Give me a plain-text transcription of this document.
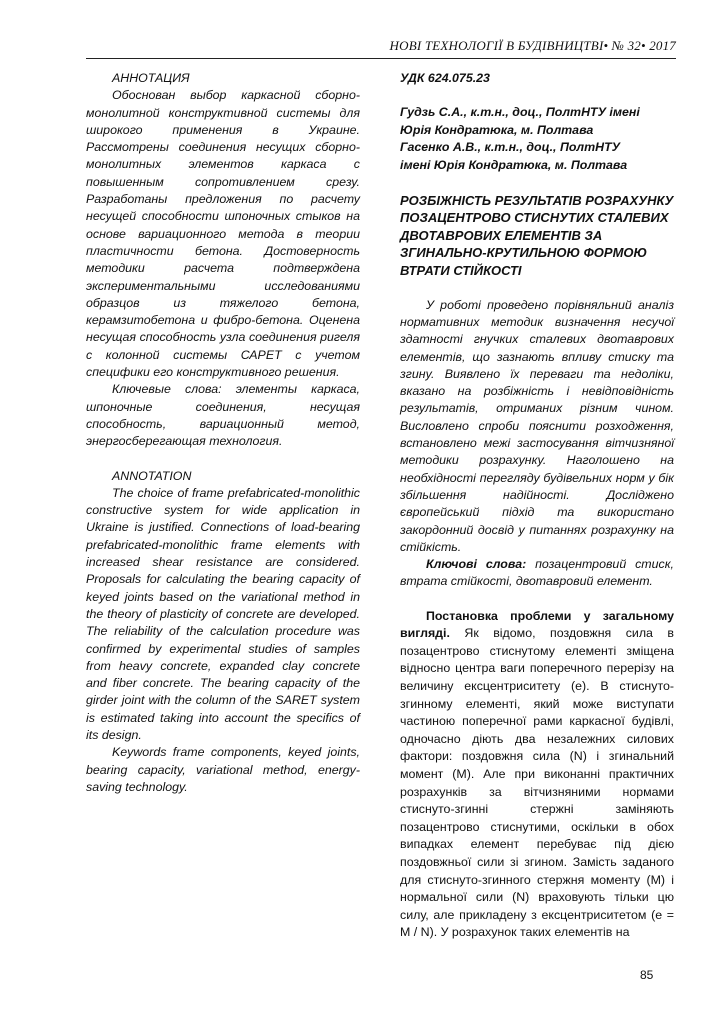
НОВІ ТЕХНОЛОГІЇ В БУДІВНИЦТВІ• № 32• 2017

АННОТАЦИЯ

Обоснован выбор каркасной сборно-монолитной конструктивной системы для широкого применения в Украине. Рассмотрены соединения несущих сборно-монолитных элементов каркаса с повышенным сопротивлением срезу. Разработаны предложения по расчету несущей способности шпоночных стыков на основе вариационного метода в теории пластичности бетона. Достоверность методики расчета подтверждена экспериментальными исследованиями образцов из тяжелого бетона, керамзитобетона и фибро-бетона. Оценена несущая способность узла соединения ригеля с колонной системы САРЕТ с учетом специфики его конструктивного решения.

Ключевые слова: элементы каркаса, шпоночные соединения, несущая способность, вариационный метод, энергосберегающая технология.

ANNOTATION

The choice of frame prefabricated-monolithic constructive system for wide application in Ukraine is justified. Connections of load-bearing prefabricated-monolithic frame elements with increased shear resistance are considered. Proposals for calculating the bearing capacity of keyed joints based on the variational method in the theory of plasticity of concrete are developed. The reliability of the calculation procedure was confirmed by experimental studies of samples from heavy concrete, expanded clay concrete and fiber concrete. The bearing capacity of the girder joint with the column of the SARET system is estimated taking into account the specifics of its design.

Keywords frame components, keyed joints, bearing capacity, variational method, energy-saving technology.

УДК 624.075.23

Гудзь С.А., к.т.н., доц., ПолтНТУ імені
Юрія Кондратюка, м. Полтава
Гасенко А.В., к.т.н., доц., ПолтНТУ
імені Юрія Кондратюка, м. Полтава

РОЗБІЖНІСТЬ РЕЗУЛЬТАТІВ РОЗРАХУНКУ ПОЗАЦЕНТРОВО СТИСНУТИХ СТАЛЕВИХ ДВОТАВРОВИХ ЕЛЕМЕНТІВ ЗА ЗГИНАЛЬНО-КРУТИЛЬНОЮ ФОРМОЮ ВТРАТИ СТІЙКОСТІ

У роботі проведено порівняльний аналіз нормативних методик визначення несучої здатності гнучких сталевих двотаврових елементів, що зазнають впливу стиску та згину. Виявлено їх переваги та недоліки, вказано на розбіжність і невідповідність результатів, отриманих різним чином. Висловлено спроби пояснити розходження, встановлено межі застосування вітчизняної методики розрахунку. Наголошено на необхідності перегляду будівельних норм у бік збільшення надійності. Досліджено європейський підхід та використано закордонний досвід у питаннях розрахунку на стійкість.

Ключові слова: позацентровий стиск, втрата стійкості, двотавровий елемент.

Постановка проблеми у загальному вигляді. Як відомо, поздовжня сила в позацентрово стиснутому елементі зміщена відносно центра ваги поперечного перерізу на величину ексцентриситету (е). В стиснуто-згинному елементі, який може виступати частиною поперечної рами каркасної будівлі, одночасно діють два незалежних силових фактори: поздовжня сила (N) і згинальний момент (M). Але при виконанні практичних розрахунків за вітчизняними нормами стиснуто-згинні стержні заміняють позацентрово стиснутими, оскільки в обох випадках елемент перебуває під дією поздовжньої сили зі згином. Замість заданого для стиснуто-згинного стержня моменту (M) і нормальної сили (N) враховують тільки цю силу, але прикладену з ексцентриситетом (е = M / N). У розрахунок таких елементів на

85
